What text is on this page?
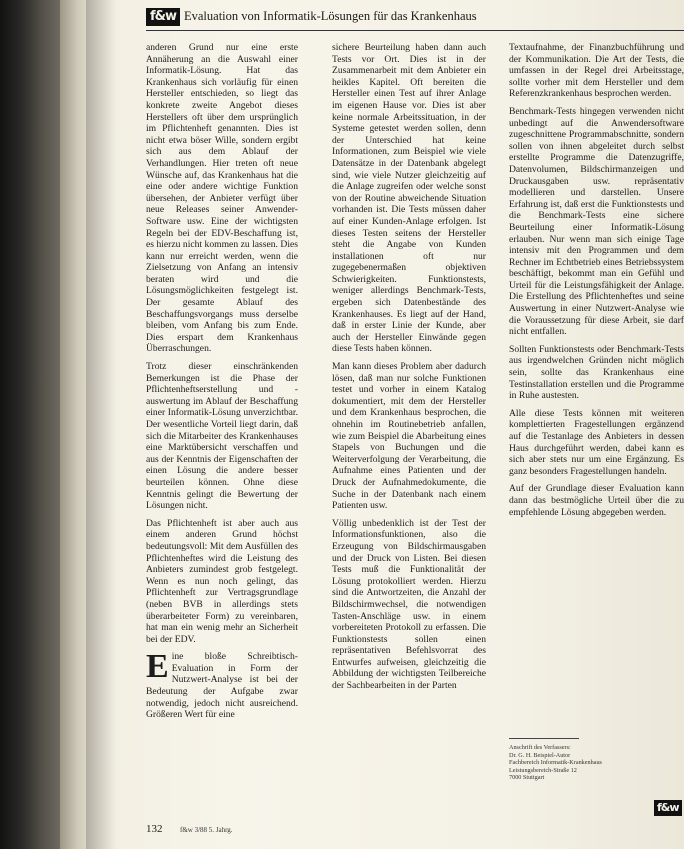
f&w Evaluation von Informatik-Lösungen für das Krankenhaus

anderen Grund nur eine erste Annäherung an die Auswahl einer Informatik-Lösung. Hat das Krankenhaus sich vorläufig für einen Hersteller entschieden, so liegt das konkrete zweite Angebot dieses Herstellers oft über dem ursprünglich im Pflichtenheft genannten. Dies ist nicht etwa böser Wille, sondern ergibt sich aus dem Ablauf der Verhandlungen. Hier treten oft neue Wünsche auf, das Krankenhaus hat die eine oder andere wichtige Funktion übersehen, der Anbieter verfügt über neue Releases seiner Anwender-Software usw. Eine der wichtigsten Regeln bei der EDV-Beschaffung ist, es hierzu nicht kommen zu lassen. Dies kann nur erreicht werden, wenn die Zielsetzung von Anfang an intensiv beraten wird und die Lösungsmöglichkeiten festgelegt ist. Der gesamte Ablauf des Beschaffungsvorgangs muss derselbe bleiben, vom Anfang bis zum Ende. Dies erspart dem Krankenhaus Überraschungen.

Trotz dieser einschränkenden Bemerkungen ist die Phase der Pflichtenheftserstellung und -auswertung im Ablauf der Beschaffung einer Informatik-Lösung unverzichtbar. Der wesentliche Vorteil liegt darin, daß sich die Mitarbeiter des Krankenhauses eine Marktübersicht verschaffen und aus der Kenntnis der Eigenschaften der einen Lösung die andere besser beurteilen können. Ohne diese Kenntnis gelingt die Bewertung der Lösungen nicht.

Das Pflichtenheft ist aber auch aus einem anderen Grund höchst bedeutungsvoll: Mit dem Ausfüllen des Pflichtenheftes wird die Leistung des Anbieters zumindest grob festgelegt. Wenn es nun noch gelingt, das Pflichtenheft zur Vertragsgrundlage (neben BVB in allerdings stets überarbeiteter Form) zu vereinbaren, hat man ein wenig mehr an Sicherheit bei der EDV.

Eine bloße Schreibtisch-Evaluation in Form der Nutzwert-Analyse ist bei der Bedeutung der Aufgabe zwar notwendig, jedoch nicht ausreichend. Größeren Wert für eine

sichere Beurteilung haben dann auch Tests vor Ort. Dies ist in der Zusammenarbeit mit dem Anbieter ein heikles Kapitel. Oft bereiten die Hersteller einen Test auf ihrer Anlage im eigenen Hause vor. Dies ist aber keine normale Arbeitssituation, in der Systeme getestet werden sollen, denn der Unterschied hat keine Informationen, zum Beispiel wie viele Datensätze in der Datenbank abgelegt sind, wie viele Nutzer gleichzeitig auf die Anlage zugreifen oder welche sonst von der Routine abweichende Situation vorhanden ist. Die Tests müssen daher auf einer Kunden-Anlage erfolgen. Ist dieses Testen seitens der Hersteller steht die Angabe von Kunden installationen oft nur zugegebenermaßen objektiven Schwierigkeiten. Funktionstests, weniger allerdings Benchmark-Tests, ergeben sich Datenbestände des Krankenhauses. Es liegt auf der Hand, daß in erster Linie der Kunde, aber auch der Hersteller Einwände gegen diese Tests haben können.

Man kann dieses Problem aber dadurch lösen, daß man nur solche Funktionen testet und vorher in einem Katalog dokumentiert, mit dem der Hersteller und dem Krankenhaus besprochen, die ohnehin im Routinebetrieb anfallen, wie zum Beispiel die Abarbeitung eines Stapels von Buchungen und die Weiterverfolgung der Verarbeitung, die Aufnahme eines Patienten und der Druck der Aufnahmedokumente, die Suche in der Datenbank nach einem Patienten usw.

Völlig unbedenklich ist der Test der Informationsfunktionen, also die Erzeugung von Bildschirmausgaben und der Druck von Listen. Bei diesen Tests muß die Funktionalität der Lösung protokolliert werden. Hierzu sind die Antwortzeiten, die Anzahl der Bildschirmwechsel, die notwendigen Tasten-Anschläge usw. in einem vorbereiteten Protokoll zu erfassen. Die Funktionstests sollen einen repräsentativen Befehlsvorrat des Entwurfes aufweisen, gleichzeitig die Abbildung der wichtigsten Teilbereiche der Sachbearbeiten in der Parten

Textaufnahme, der Finanzbuchführung und der Kommunikation. Die Art der Tests, die umfassen in der Regel drei Arbeitsstage, sollte vorher mit dem Hersteller und dem Referenzkrankenhaus besprochen werden.

Benchmark-Tests hingegen verwenden nicht unbedingt auf die Anwendersoftware zugeschnittene Programmabschnitte, sondern sollen von ihnen abgeleitet durch selbst erstellte Programme die Datenzugriffe, Datenvolumen, Bildschirmanzeigen und Druckausgaben usw. repräsentativ modellieren und darstellen. Unsere Erfahrung ist, daß erst die Funktionstests und die Benchmark-Tests eine sichere Beurteilung einer Informatik-Lösung erlauben. Nur wenn man sich einige Tage intensiv mit den Programmen und dem Rechner im Echtbetrieb eines Betriebssystem beschäftigt, bekommt man ein Gefühl und Urteil für die Leistungsfähigkeit der Anlage. Die Erstellung des Pflichtenheftes und seine Auswertung in einer Nutzwert-Analyse wie die Voraussetzung für diese Arbeit, sie darf nicht entfallen.

Sollten Funktionstests oder Benchmark-Tests aus irgendwelchen Gründen nicht möglich sein, sollte das Krankenhaus eine Testinstallation erstellen und die Programme in Ruhe austesten.

Alle diese Tests können mit weiteren komplettierten Fragestellungen ergänzend auf die Testanlage des Anbieters in dessen Haus durchgeführt werden, dabei kann es sich aber stets nur um eine Ergänzung. Es ganz besonders Fragestellungen handeln.

Auf der Grundlage dieser Evaluation kann dann das bestmögliche Urteil über die zu empfehlende Lösung abgegeben werden.

Anschrift des Verfassers:
Dr. G. H. Beispiel-Autor
Fachbereich Informatik-Krankenhaus
Leistungsbereich-Straße 12
7000 Stuttgart
132	f&w 3/88 5. Jahrg.
f&w
